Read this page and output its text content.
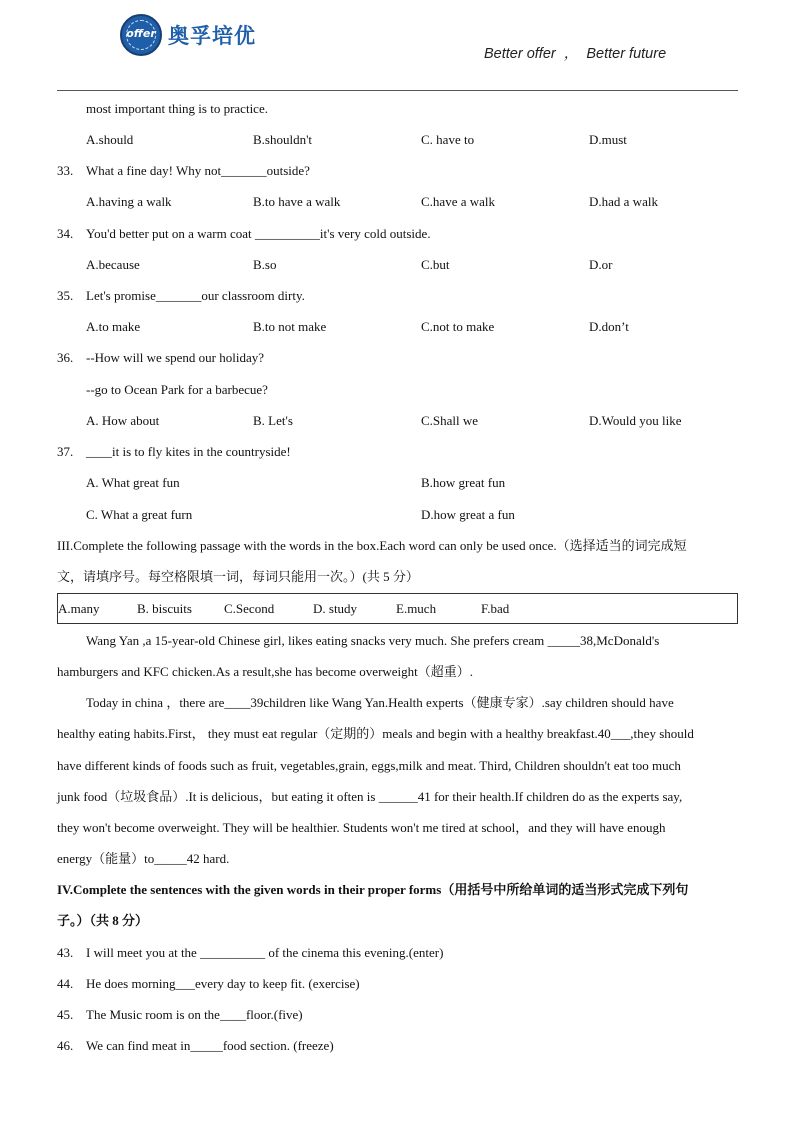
offer 奥孚培优
Better offer  ，  Better future
most important thing is to practice.
A.should	B.shouldn't	C. have to	D.must
33. What a fine day! Why not_______outside?
A.having a walk	B.to have a walk	C.have a walk	D.had a walk
34. You'd better put on a warm coat __________it's very cold outside.
A.because	B.so	C.but	D.or
35. Let's promise_______our classroom dirty.
A.to make	B.to not make	C.not to make	D.don’t
36. --How will we spend our holiday?
--go to Ocean Park for a barbecue?
A. How about	B. Let's	C.Shall we	D.Would you like
37. ____it is to fly kites in the countryside!
A. What great fun	B.how great fun
C. What a great furn	D.how great a fun
III.Complete the following passage with the words in the box.Each word can only be used once.（选择适当的词完成短
文，请填序号。每空格限填一词，每词只能用一次。）(共 5 分）
A.many	B. biscuits C.Second	D. study	E.much	F.bad
Wang Yan ,a 15-year-old Chinese girl, likes eating snacks very much. She prefers cream _____38,McDonald's
hamburgers and KFC chicken.As a result,she has become overweight（超重）.
Today in china ，there are____39children like Wang Yan.Health experts（健康专家）.say children should have
healthy eating habits.First， they must eat regular（定期的）meals and begin with a healthy breakfast.40___,they should
have different kinds of foods such as fruit, vegetables,grain, eggs,milk and meat. Third, Children shouldn't eat too much
junk food（垃圾食品）.It is delicious，but eating it often is ______41 for their health.If children do as the experts say,
they won't become overweight. They will be healthier. Students won't me tired at school，and they will have enough
energy（能量）to_____42 hard.
IV.Complete the sentences with the given words in their proper forms（用括号中所给单词的适当形式完成下列句
子。）（共 8 分）
43. I will meet you at the __________ of the cinema this evening.(enter)
44. He does morning___every day to keep fit. (exercise)
45. The Music room is on the____floor.(five)
46. We can find meat in_____food section. (freeze)
